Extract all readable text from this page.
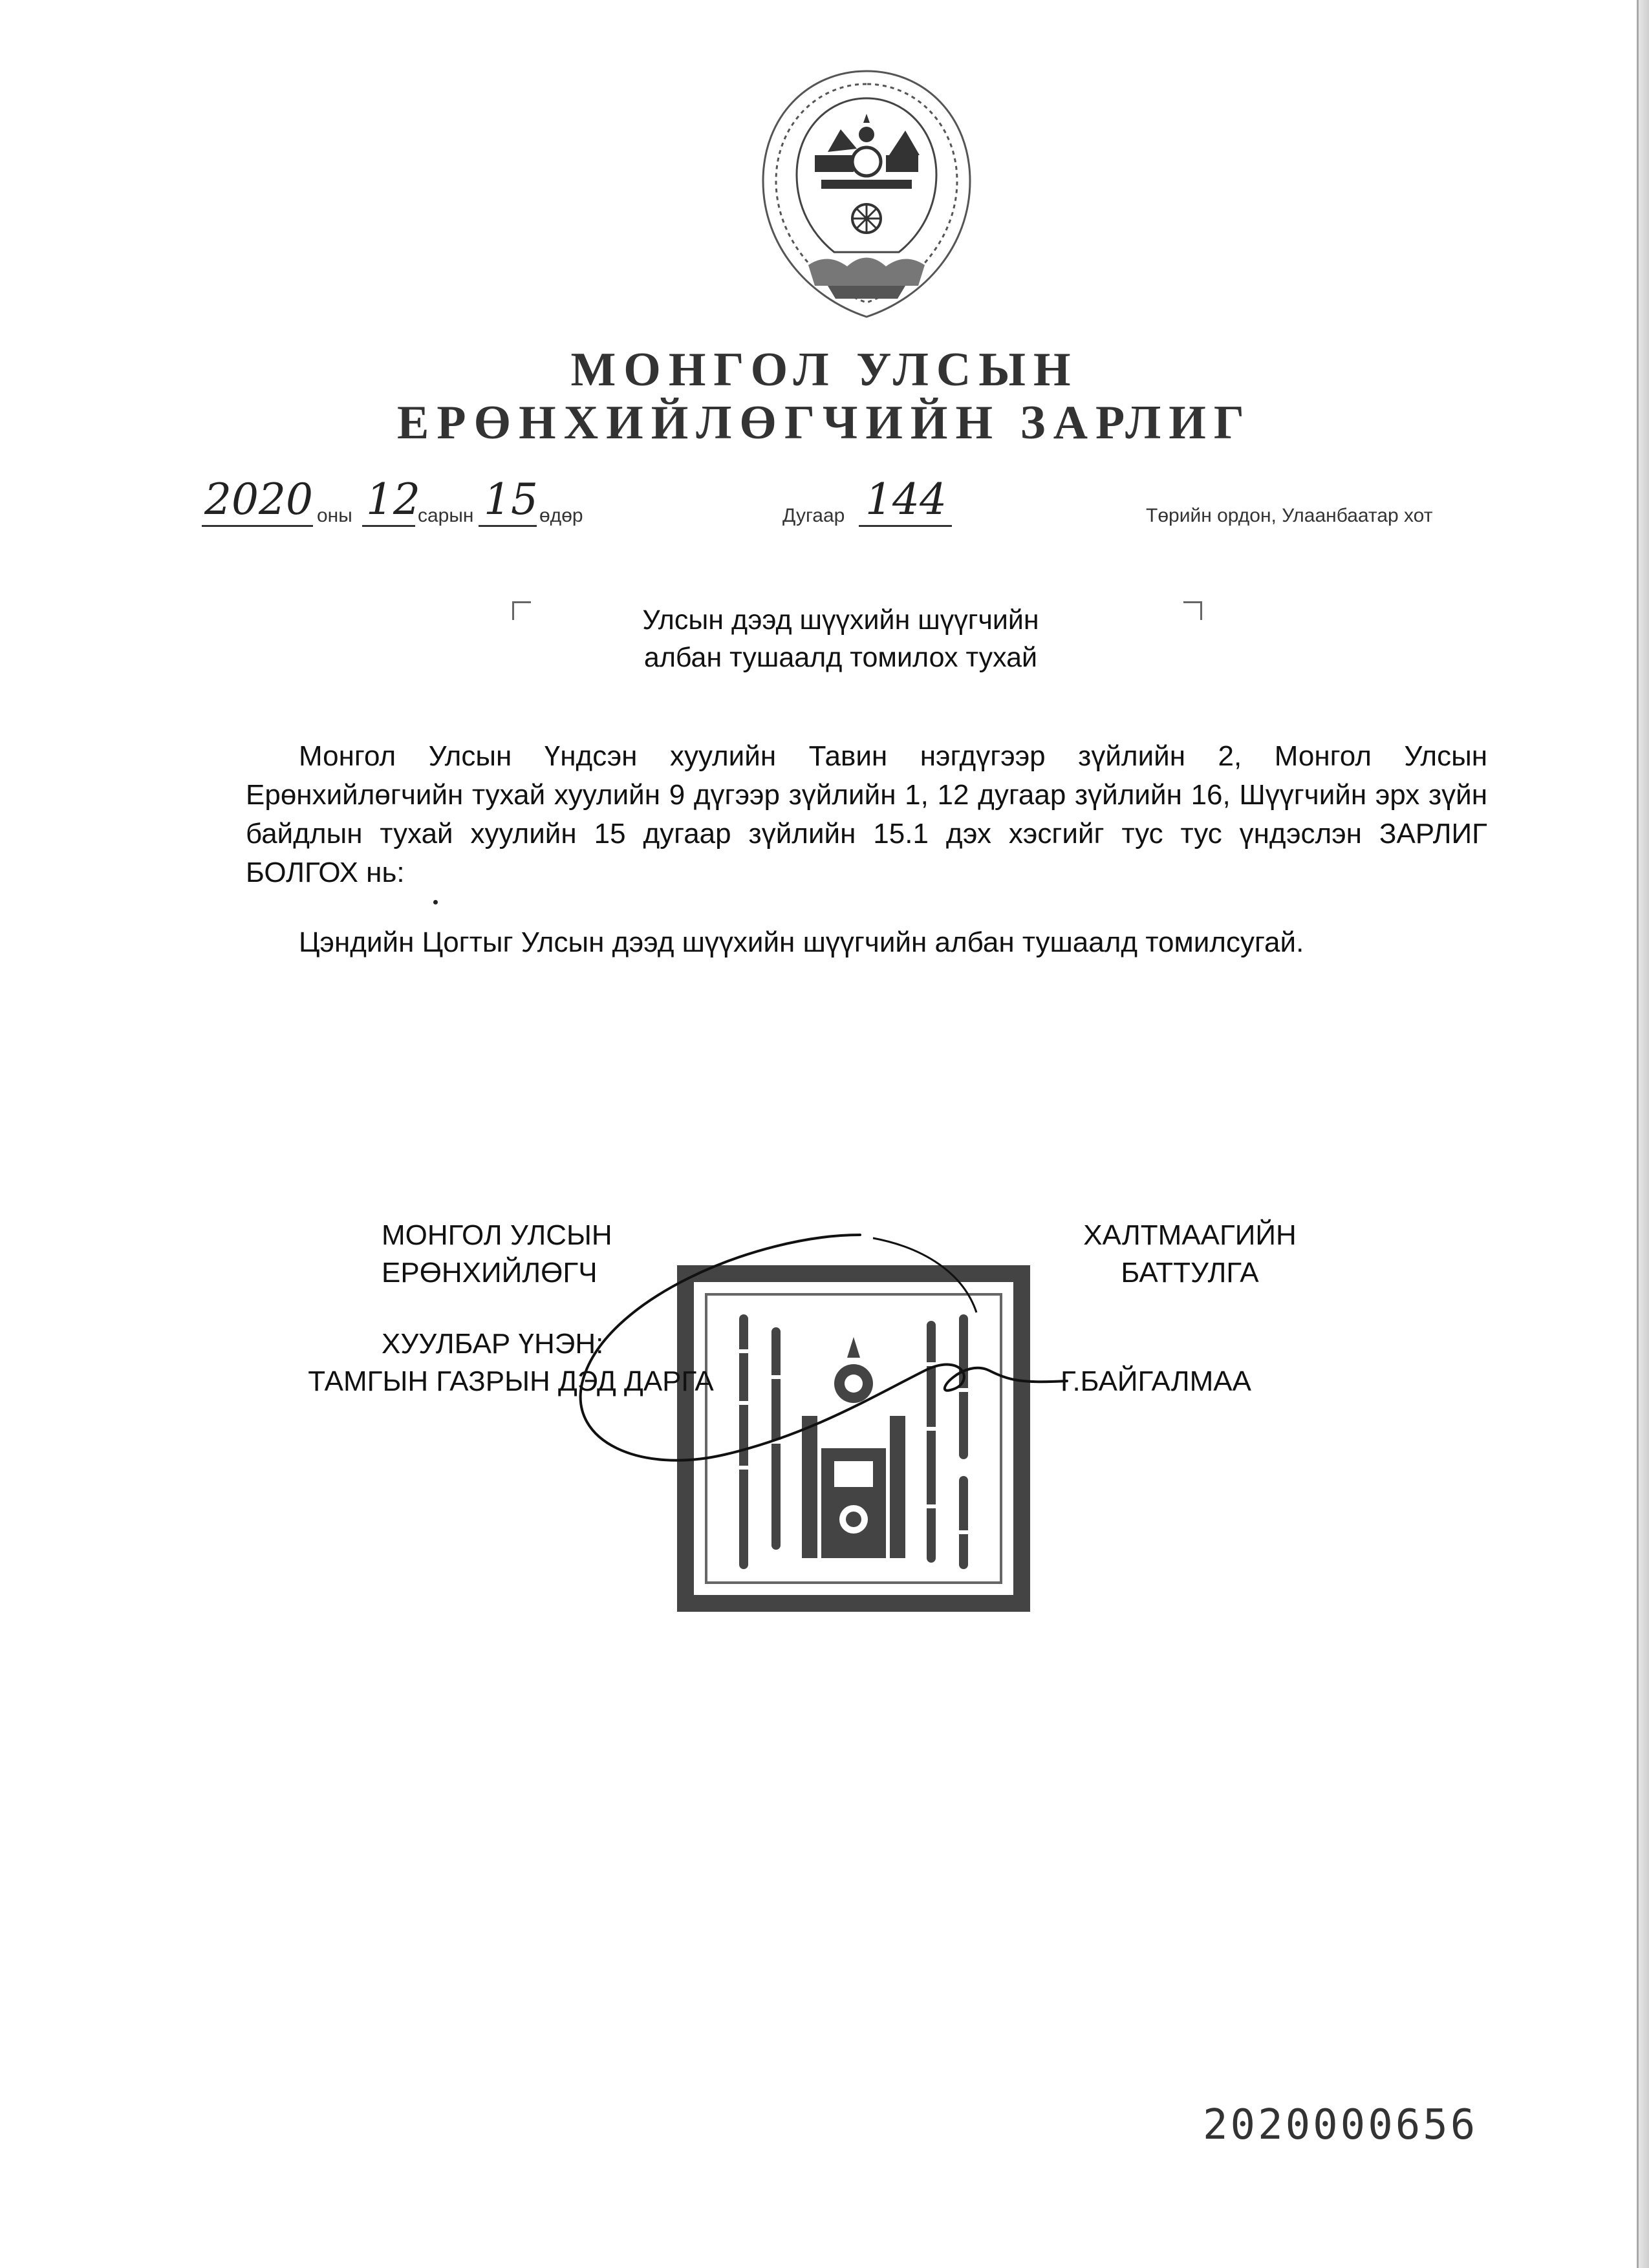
МОНГОЛ УЛСЫН
ЕРӨНХИЙЛӨГЧИЙН ЗАРЛИГ
2020 оны 12
сарын 15 өдөр	Дугаар 144	Төрийн ордон, Улаанбаатар хот
Улсын дээд шүүхийн шүүгчийн
албан тушаалд томилох тухай
Монгол Улсын Үндсэн хуулийн Тавин нэгдүгээр зүйлийн 2, Монгол Улсын Ерөнхийлөгчийн тухай хуулийн 9 дүгээр зүйлийн 1, 12 дугаар зүйлийн 16, Шүүгчийн эрх зүйн байдлын тухай хуулийн 15 дугаар зүйлийн 15.1 дэх хэсгийг тус тус үндэслэн ЗАРЛИГ БОЛГОХ нь:
Цэндийн Цогтыг Улсын дээд шүүхийн шүүгчийн албан тушаалд томилсугай.
МОНГОЛ УЛСЫН
ЕРӨНХИЙЛӨГЧ
ХАЛТМААГИЙН
БАТТУЛГА
ХУУЛБАР ҮНЭН:
ТАМГЫН ГАЗРЫН ДЭД ДАРГА	Г.БАЙГАЛМАА
2020000656
